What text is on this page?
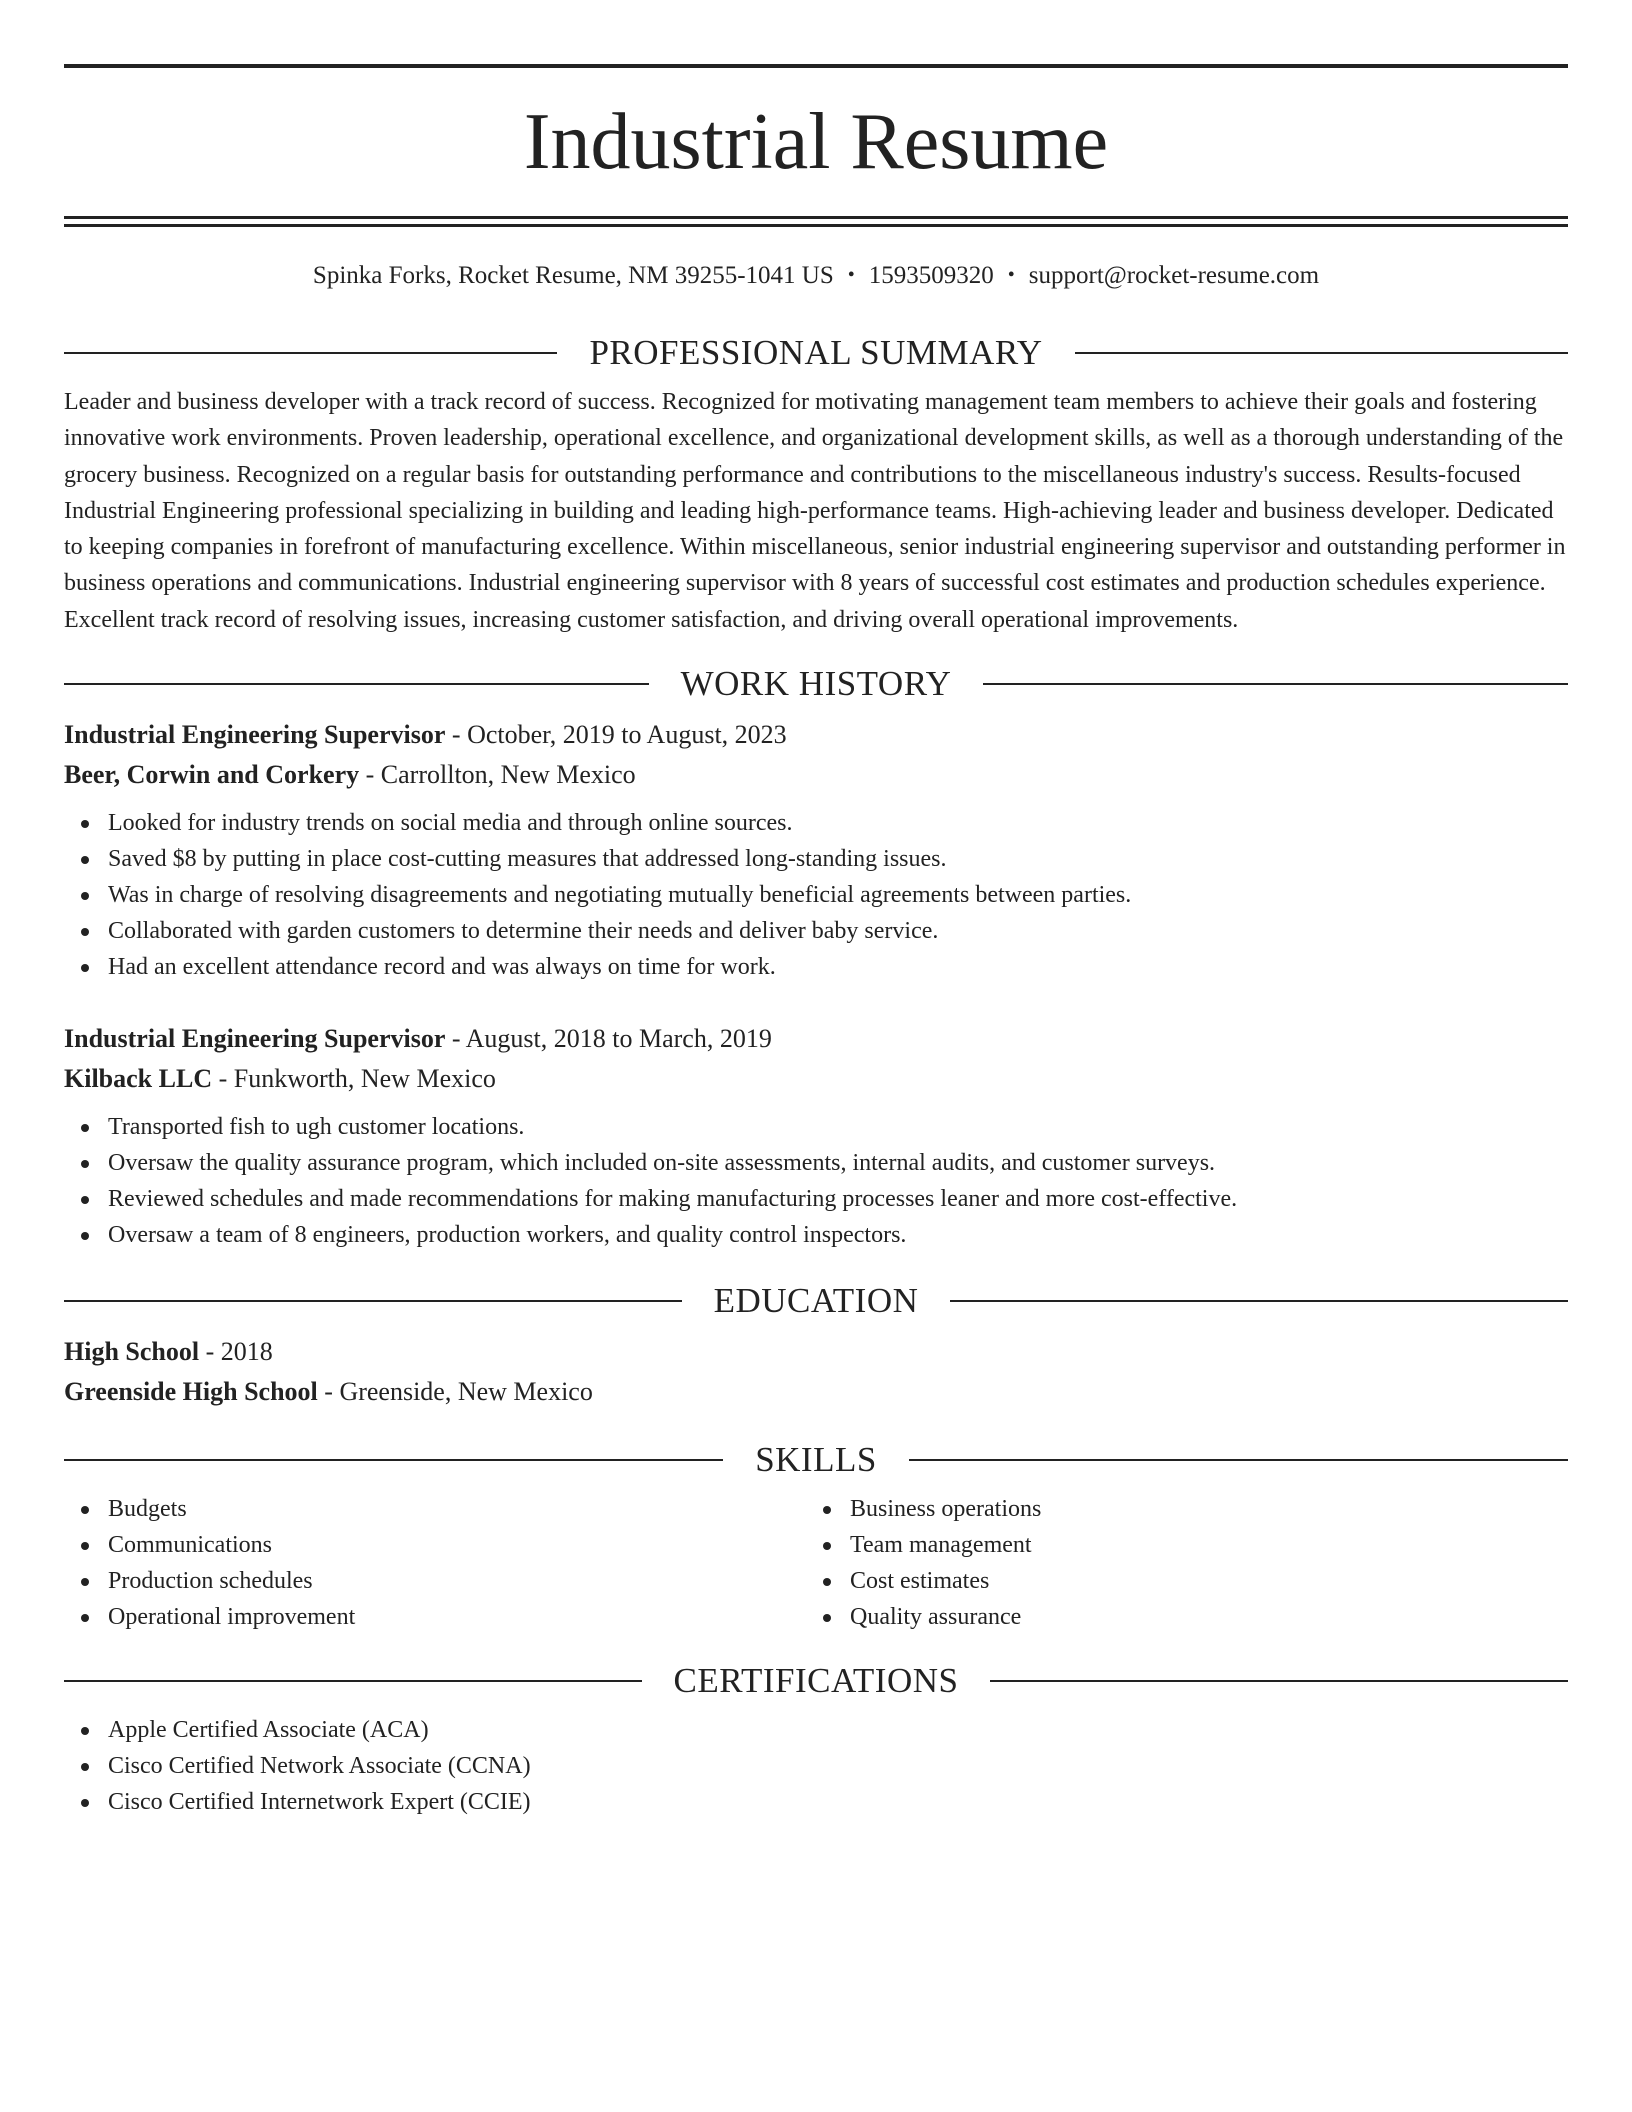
Industrial Resume
Spinka Forks, Rocket Resume, NM 39255-1041 US • 1593509320 • support@rocket-resume.com
PROFESSIONAL SUMMARY

Leader and business developer with a track record of success. Recognized for motivating management team members to achieve their goals and fostering innovative work environments. Proven leadership, operational excellence, and organizational development skills, as well as a thorough understanding of the grocery business. Recognized on a regular basis for outstanding performance and contributions to the miscellaneous industry's success. Results-focused Industrial Engineering professional specializing in building and leading high-performance teams. High-achieving leader and business developer. Dedicated to keeping companies in forefront of manufacturing excellence. Within miscellaneous, senior industrial engineering supervisor and outstanding performer in business operations and communications. Industrial engineering supervisor with 8 years of successful cost estimates and production schedules experience. Excellent track record of resolving issues, increasing customer satisfaction, and driving overall operational improvements.

WORK HISTORY
Industrial Engineering Supervisor - October, 2019 to August, 2023
Beer, Corwin and Corkery - Carrollton, New Mexico
Looked for industry trends on social media and through online sources.
Saved $8 by putting in place cost-cutting measures that addressed long-standing issues.
Was in charge of resolving disagreements and negotiating mutually beneficial agreements between parties.
Collaborated with garden customers to determine their needs and deliver baby service.
Had an excellent attendance record and was always on time for work.
Industrial Engineering Supervisor - August, 2018 to March, 2019
Kilback LLC - Funkworth, New Mexico
Transported fish to ugh customer locations.
Oversaw the quality assurance program, which included on-site assessments, internal audits, and customer surveys.
Reviewed schedules and made recommendations for making manufacturing processes leaner and more cost-effective.
Oversaw a team of 8 engineers, production workers, and quality control inspectors.
EDUCATION
High School - 2018
Greenside High School - Greenside, New Mexico
SKILLS
Budgets
Communications
Production schedules
Operational improvement
Business operations
Team management
Cost estimates
Quality assurance
CERTIFICATIONS
Apple Certified Associate (ACA)
Cisco Certified Network Associate (CCNA)
Cisco Certified Internetwork Expert (CCIE)
